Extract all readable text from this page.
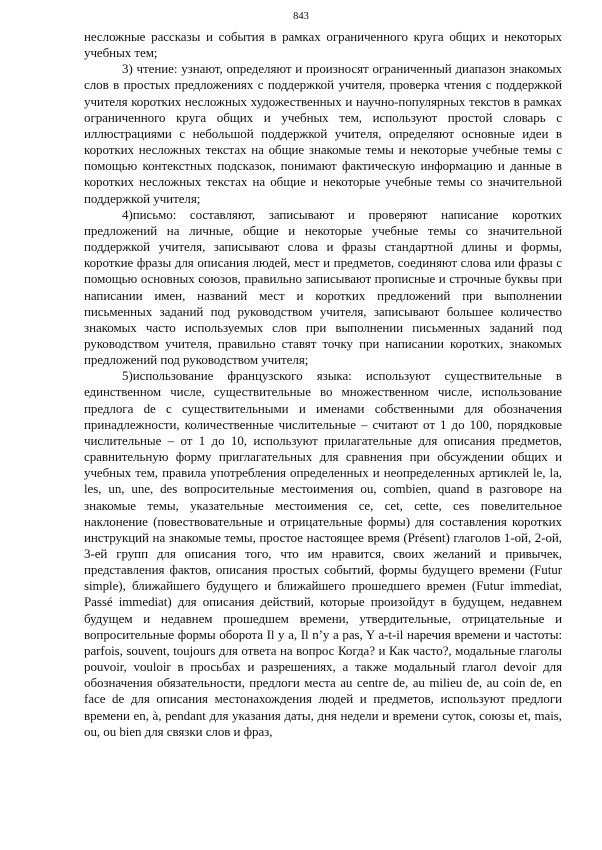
843

несложные рассказы и события в рамках ограниченного круга общих и некоторых учебных тем;

3) чтение: узнают, определяют и произносят ограниченный диапазон знакомых слов в простых предложениях с поддержкой учителя, проверка чтения с поддержкой учителя коротких несложных художественных и научно-популярных текстов в рамках ограниченного круга общих и учебных тем, используют простой словарь с иллюстрациями с небольшой поддержкой учителя, определяют основные идеи в коротких несложных текстах на общие знакомые темы и некоторые учебные темы с помощью контекстных подсказок, понимают фактическую информацию и данные в коротких несложных текстах на общие и некоторые учебные темы со значительной поддержкой учителя;

4)письмо: составляют, записывают и проверяют написание коротких предложений на личные, общие и некоторые учебные темы со значительной поддержкой учителя, записывают слова и фразы стандартной длины и формы, короткие фразы для описания людей, мест и предметов, соединяют слова или фразы с помощью основных союзов, правильно записывают прописные и строчные буквы при написании имен, названий мест и коротких предложений при выполнении письменных заданий под руководством учителя, записывают большее количество знакомых часто используемых слов при выполнении письменных заданий под руководством учителя, правильно ставят точку при написании коротких, знакомых предложений под руководством учителя;

5)использование французского языка: используют существительные в единственном числе, существительные во множественном числе, использование предлога de с существительными и именами собственными для обозначения принадлежности, количественные числительные – считают от 1 до 100, порядковые числительные – от 1 до 10, используют прилагательные для описания предметов, сравнительную форму приглагательных для сравнения при обсуждении общих и учебных тем, правила употребления определенных и неопределенных артиклей le, la, les, un, une, des вопросительные местоимения ou, combien, quand в разговоре на знакомые темы, указательные местоимения ce, cet, cette, ces повелительное наклонение (повествовательные и отрицательные формы) для составления коротких инструкций на знакомые темы, простое настоящее время (Présent) глаголов 1-ой, 2-ой, 3-ей групп для описания того, что им нравится, своих желаний и привычек, представления фактов, описания простых событий, формы будущего времени (Futur simple), ближайшего будущего и ближайшего прошедшего времен (Futur immediat, Passé immediat) для описания действий, которые произойдут в будущем, недавнем будущем и недавнем прошедшем времени, утвердительные, отрицательные и вопросительные формы оборота Il y a, Il n’y a pas, Y a-t-il наречия времени и частоты: parfois, souvent, toujours для ответа на вопрос Когда? и Как часто?, модальные глаголы pouvoir, vouloir в просьбах и разрешениях, а также модальный глагол devoir для обозначения обязательности, предлоги места au centre de, au milieu de, au coin de, en face de для описания местонахождения людей и предметов, используют предлоги времени en, à, pendant для указания даты, дня недели и времени суток, союзы et, mais, ou, ou bien для связки слов и фраз,
